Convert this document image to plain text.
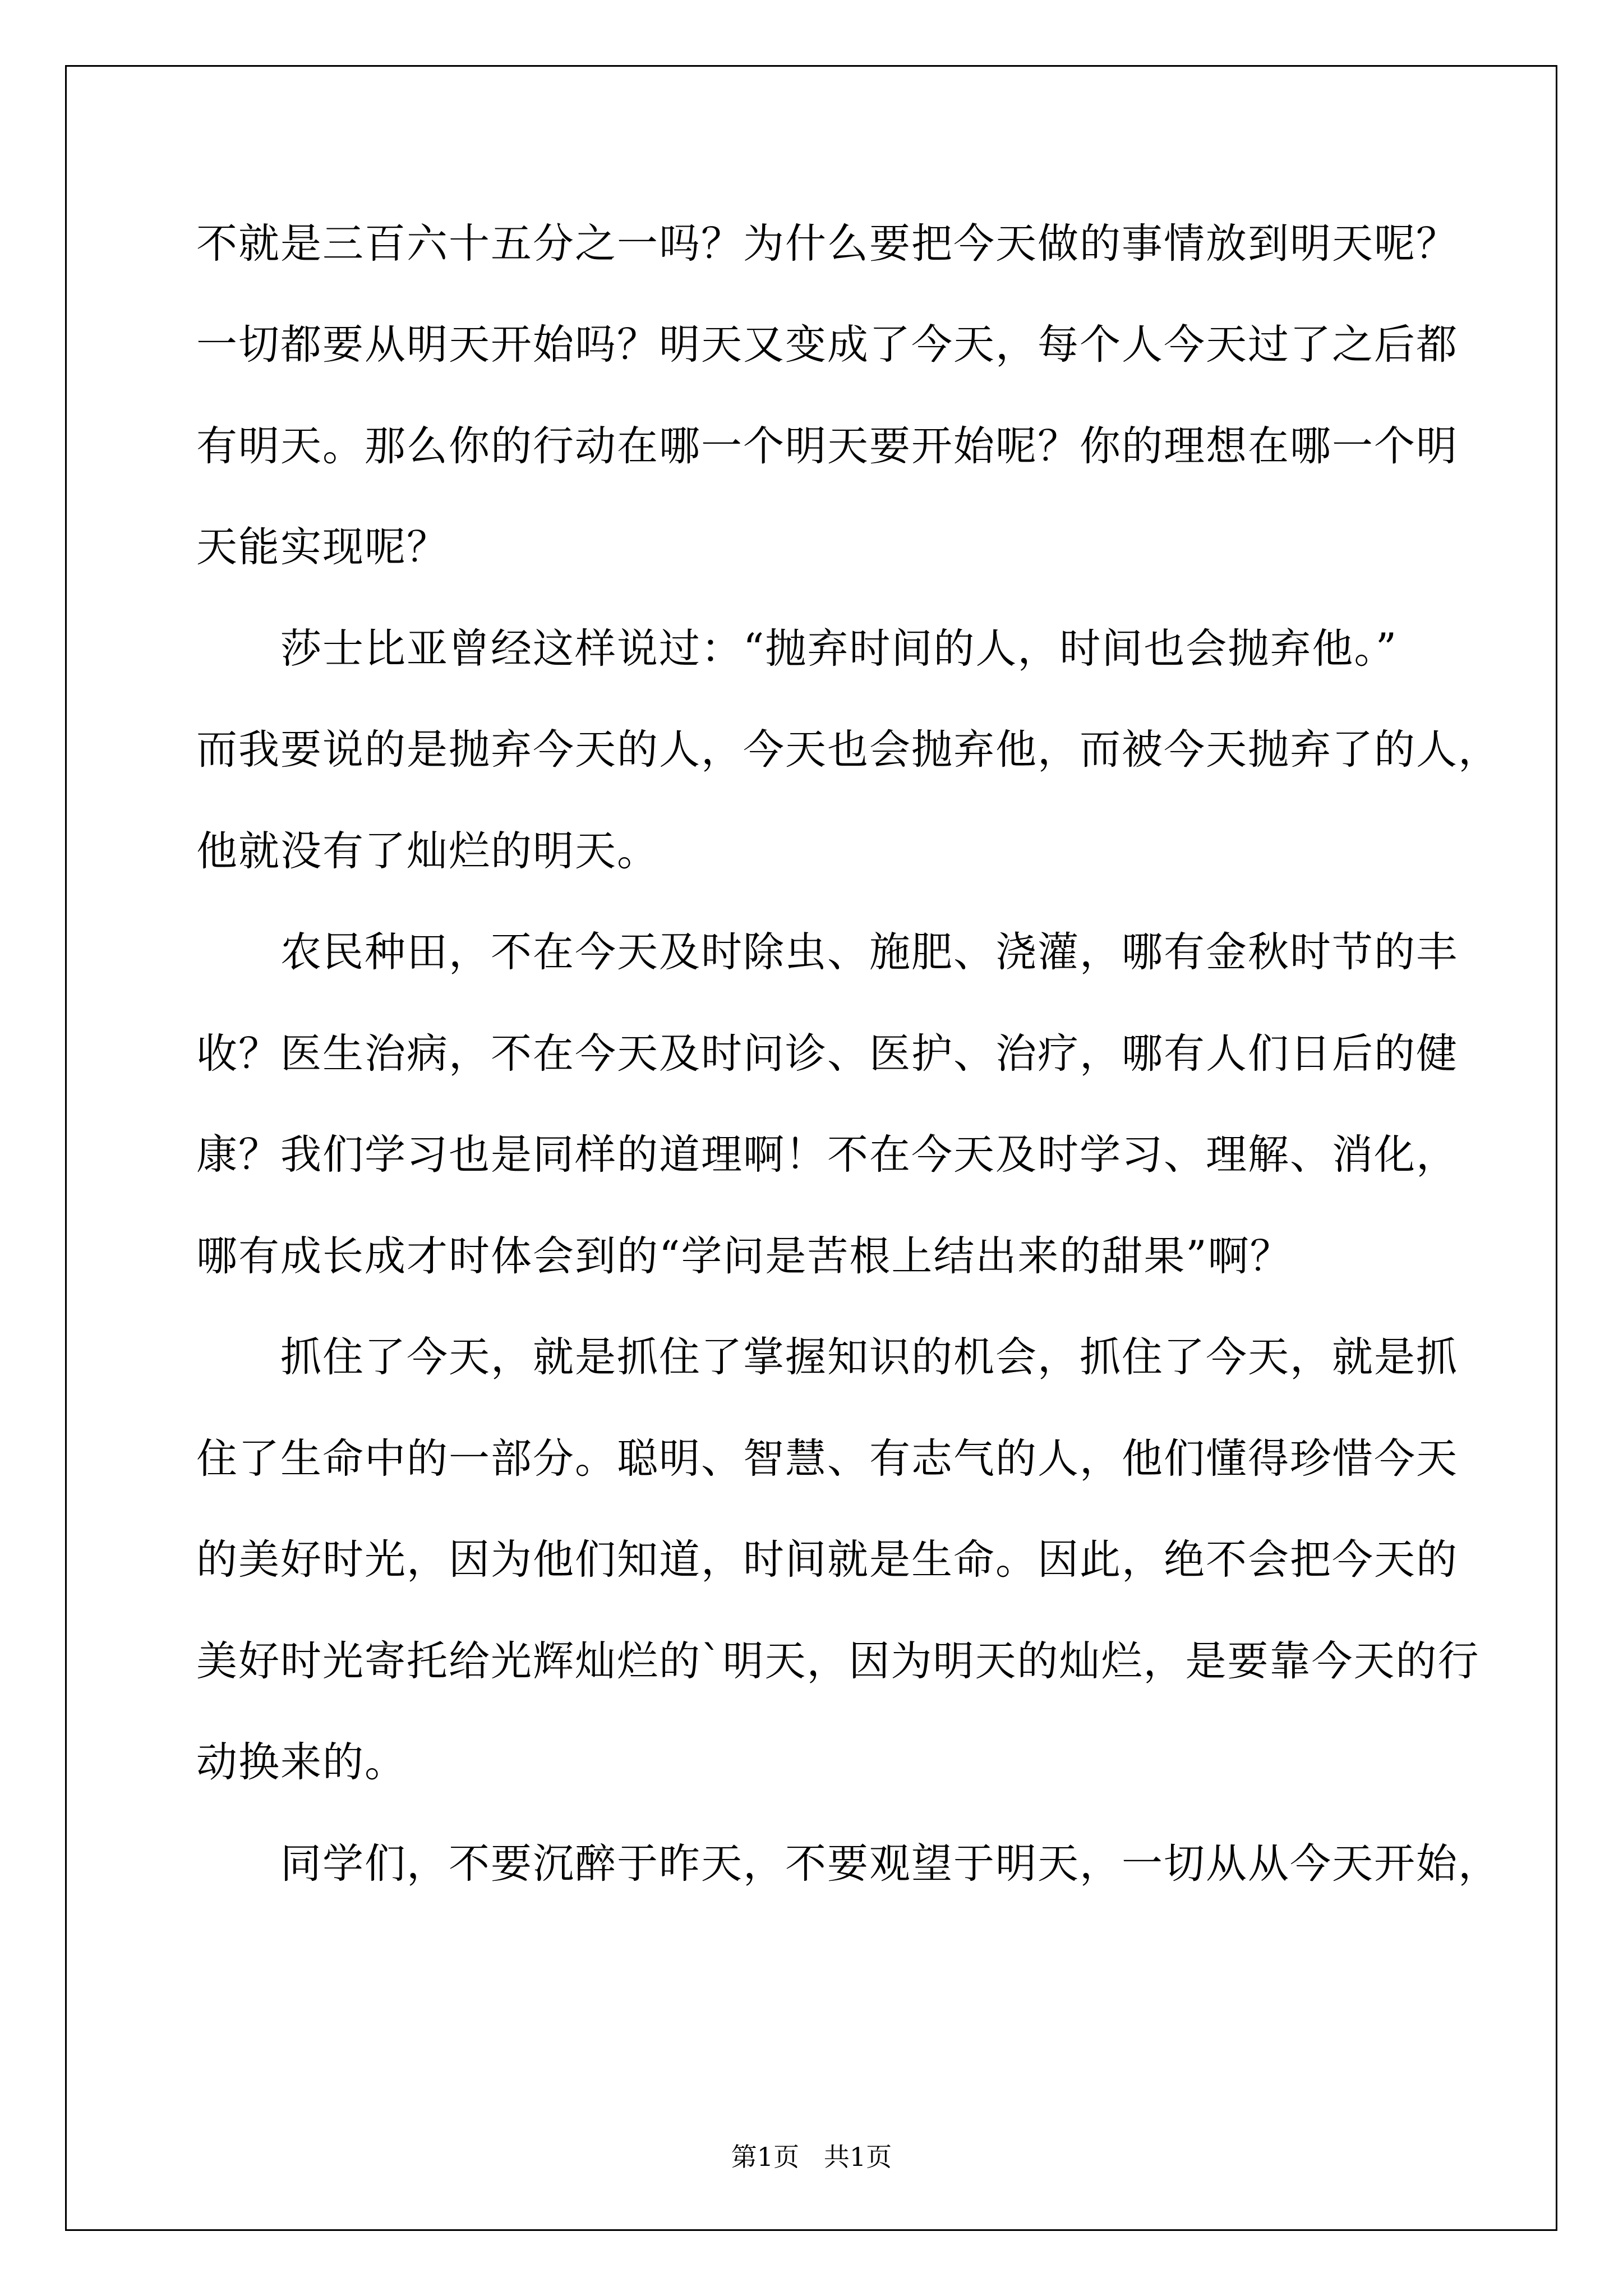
不就是三百六十五分之一吗？为什么要把今天做的事情放到明天呢？
一切都要从明天开始吗？明天又变成了今天，每个人今天过了之后都
有明天。那么你的行动在哪一个明天要开始呢？你的理想在哪一个明
天能实现呢？
　　莎士比亚曾经这样说过：“抛弃时间的人，时间也会抛弃他。”
而我要说的是抛弃今天的人，今天也会抛弃他，而被今天抛弃了的人，
他就没有了灿烂的明天。
　　农民种田，不在今天及时除虫、施肥、浇灌，哪有金秋时节的丰
收？医生治病，不在今天及时问诊、医护、治疗，哪有人们日后的健
康？我们学习也是同样的道理啊！不在今天及时学习、理解、消化，
哪有成长成才时体会到的“学问是苦根上结出来的甜果”啊？
　　抓住了今天，就是抓住了掌握知识的机会，抓住了今天，就是抓
住了生命中的一部分。聪明、智慧、有志气的人，他们懂得珍惜今天
的美好时光，因为他们知道，时间就是生命。因此，绝不会把今天的
美好时光寄托给光辉灿烂的`明天，因为明天的灿烂，是要靠今天的行
动换来的。
　　同学们，不要沉醉于昨天，不要观望于明天，一切从从今天开始，
第1页   共1页
